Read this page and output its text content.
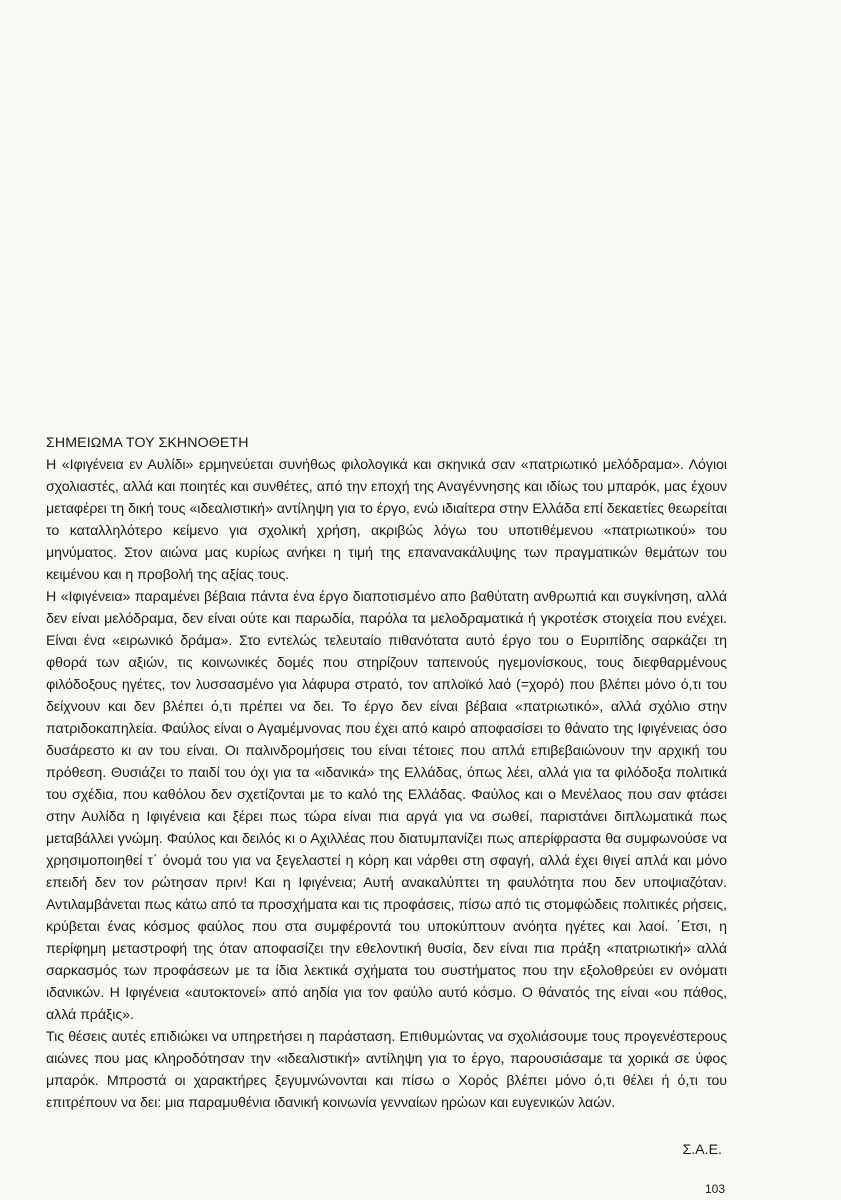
ΣΗΜΕΙΩΜΑ ΤΟΥ ΣΚΗΝΟΘΕΤΗ

Η «Ιφιγένεια εν Αυλίδι» ερμηνεύεται συνήθως φιλολογικά και σκηνικά σαν «πατριωτικό μελόδραμα». Λόγιοι σχολιαστές, αλλά και ποιητές και συνθέτες, από την εποχή της Αναγέννησης και ιδίως του μπαρόκ, μας έχουν μεταφέρει τη δική τους «ιδεαλιστική» αντίληψη για το έργο, ενώ ιδιαίτερα στην Ελλάδα επί δεκαετίες θεωρείται το καταλληλότερο κείμενο για σχολική χρήση, ακριβώς λόγω του υποτιθέμενου «πατριωτικού» του μηνύματος. Στον αιώνα μας κυρίως ανήκει η τιμή της επανανακάλυψης των πραγματικών θεμάτων του κειμένου και η προβολή της αξίας τους.

Η «Ιφιγένεια» παραμένει βέβαια πάντα ένα έργο διαποτισμένο απο βαθύτατη ανθρωπιά και συγκίνηση, αλλά δεν είναι μελόδραμα, δεν είναι ούτε και παρωδία, παρόλα τα μελοδραματικά ή γκροτέσκ στοιχεία που ενέχει. Είναι ένα «ειρωνικό δράμα». Στο εντελώς τελευταίο πιθανότατα αυτό έργο του ο Ευριπίδης σαρκάζει τη φθορά των αξιών, τις κοινωνικές δομές που στηρίζουν ταπεινούς ηγεμονίσκους, τους διεφθαρμένους φιλόδοξους ηγέτες, τον λυσσασμένο για λάφυρα στρατό, τον απλοϊκό λαό (=χορό) που βλέπει μόνο ό,τι του δείχνουν και δεν βλέπει ό,τι πρέπει να δει. Το έργο δεν είναι βέβαια «πατριωτικό», αλλά σχόλιο στην πατριδοκαπηλεία. Φαύλος είναι ο Αγαμέμνονας που έχει από καιρό αποφασίσει το θάνατο της Ιφιγένειας όσο δυσάρεστο κι αν του είναι. Οι παλινδρομήσεις του είναι τέτοιες που απλά επιβεβαιώνουν την αρχική του πρόθεση. Θυσιάζει το παιδί του όχι για τα «ιδανικά» της Ελλάδας, όπως λέει, αλλά για τα φιλόδοξα πολιτικά του σχέδια, που καθόλου δεν σχετίζονται με το καλό της Ελλάδας. Φαύλος και ο Μενέλαος που σαν φτάσει στην Αυλίδα η Ιφιγένεια και ξέρει πως τώρα είναι πια αργά για να σωθεί, παριστάνει διπλωματικά πως μεταβάλλει γνώμη. Φαύλος και δειλός κι ο Αχιλλέας που διατυμπανίζει πως απερίφραστα θα συμφωνούσε να χρησιμοποιηθεί τ΄ όνομά του για να ξεγελαστεί η κόρη και νάρθει στη σφαγή, αλλά έχει θιγεί απλά και μόνο επειδή δεν τον ρώτησαν πριν! Και η Ιφιγένεια; Αυτή ανακαλύπτει τη φαυλότητα που δεν υποψιαζόταν. Αντιλαμβάνεται πως κάτω από τα προσχήματα και τις προφάσεις, πίσω από τις στομφώδεις πολιτικές ρήσεις, κρύβεται ένας κόσμος φαύλος που στα συμφέροντά του υποκύπτουν ανόητα ηγέτες και λαοί. ΄Ετσι, η περίφημη μεταστροφή της όταν αποφασίζει την εθελοντική θυσία, δεν είναι πια πράξη «πατριωτική» αλλά σαρκασμός των προφάσεων με τα ίδια λεκτικά σχήματα του συστήματος που την εξολοθρεύει εν ονόματι ιδανικών. Η Ιφιγένεια «αυτοκτονεί» από αηδία για τον φαύλο αυτό κόσμο. Ο θάνατός της είναι «ου πάθος, αλλά πράξις».

Τις θέσεις αυτές επιδιώκει να υπηρετήσει η παράσταση. Επιθυμώντας να σχολιάσουμε τους προγενέστερους αιώνες που μας κληροδότησαν την «ιδεαλιστική» αντίληψη για το έργο, παρουσιάσαμε τα χορικά σε ύφος μπαρόκ. Μπροστά οι χαρακτήρες ξεγυμνώνονται και πίσω ο Χορός βλέπει μόνο ό,τι θέλει ή ό,τι του επιτρέπουν να δει: μια παραμυθένια ιδανική κοινωνία γενναίων ηρώων και ευγενικών λαών.

Σ.Α.Ε.
103
